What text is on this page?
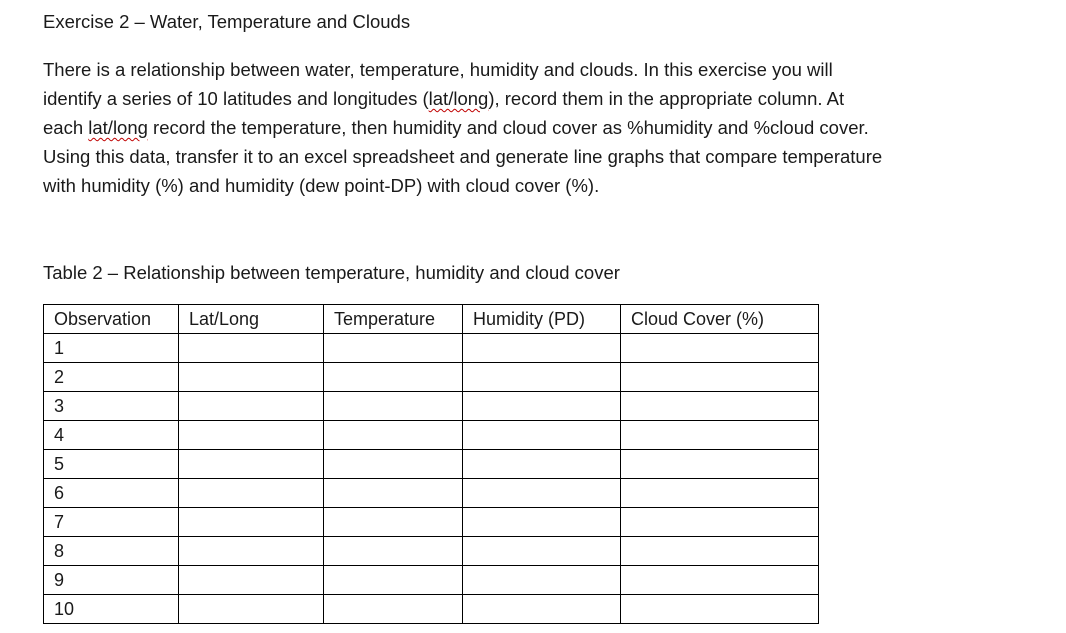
Exercise 2 – Water, Temperature and Clouds
There is a relationship between water, temperature, humidity and clouds. In this exercise you will
identify a series of 10 latitudes and longitudes (lat/long), record them in the appropriate column. At
each lat/long record the temperature, then humidity and cloud cover as %humidity and %cloud cover.
Using this data, transfer it to an excel spreadsheet and generate line graphs that compare temperature
with humidity (%) and humidity (dew point-DP) with cloud cover (%).
Table 2 – Relationship between temperature, humidity and cloud cover
Observation	Lat/Long	Temperature	Humidity (PD)	Cloud Cover (%)
1				
2				
3				
4				
5				
6				
7				
8				
9				
10				
